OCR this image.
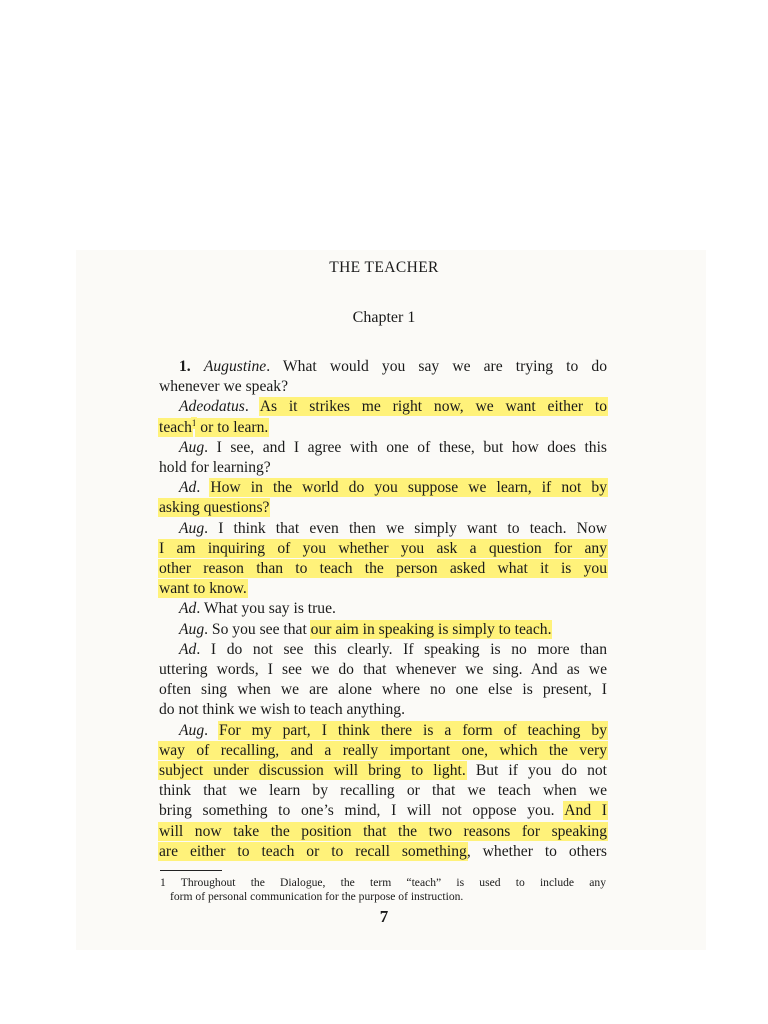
THE TEACHER
Chapter 1
1. Augustine. What would you say we are trying to do
whenever we speak?
Adeodatus. As it strikes me right now, we want either to
teach$^1$ or to learn.
Aug. I see, and I agree with one of these, but how does this
hold for learning?
Ad. How in the world do you suppose we learn, if not by
asking questions?
Aug. I think that even then we simply want to teach. Now
I am inquiring of you whether you ask a question for any
other reason than to teach the person asked what it is you
want to know.
Ad. What you say is true.
Aug. So you see that our aim in speaking is simply to teach.
Ad. I do not see this clearly. If speaking is no more than
uttering words, I see we do that whenever we sing. And as we
often sing when we are alone where no one else is present, I
do not think we wish to teach anything.
Aug. For my part, I think there is a form of teaching by
way of recalling, and a really important one, which the very
subject under discussion will bring to light. But if you do not
think that we learn by recalling or that we teach when we
bring something to one’s mind, I will not oppose you. And I
will now take the position that the two reasons for speaking
are either to teach or to recall something, whether to others
1 Throughout the Dialogue, the term “teach” is used to include any
form of personal communication for the purpose of instruction.
7
